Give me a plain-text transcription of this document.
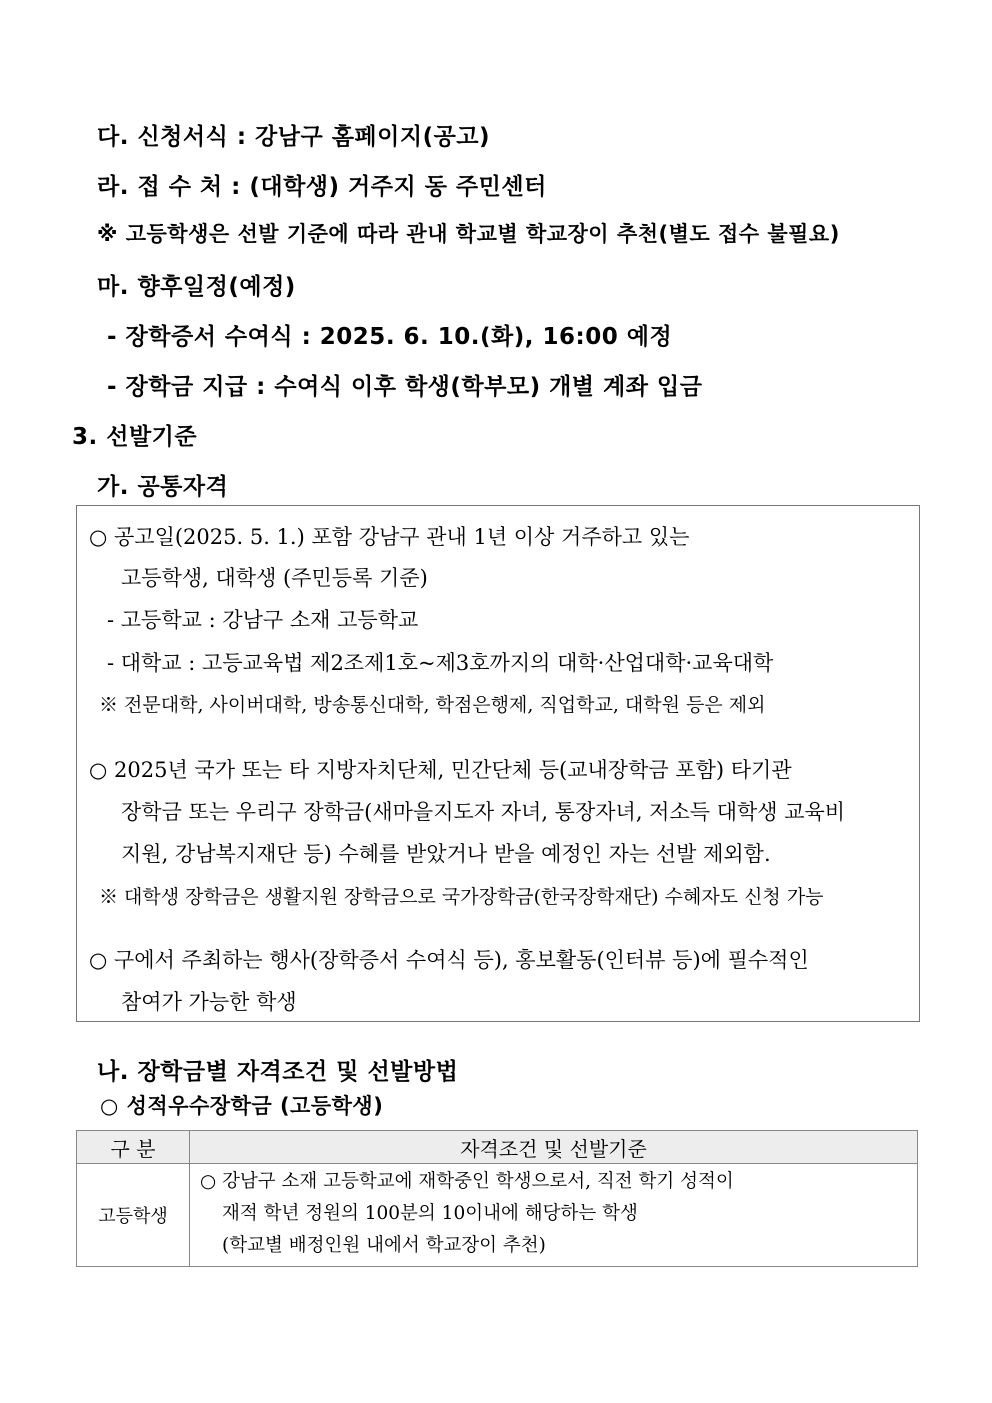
다. 신청서식 : 강남구 홈페이지(공고)
라. 접 수 처 : (대학생) 거주지 동 주민센터
※ 고등학생은 선발 기준에 따라 관내 학교별 학교장이 추천(별도 접수 불필요)
마. 향후일정(예정)
- 장학증서 수여식 : 2025. 6. 10.(화), 16:00 예정
- 장학금 지급 : 수여식 이후 학생(학부모) 개별 계좌 입금
3. 선발기준
가. 공통자격
○ 공고일(2025. 5. 1.) 포함 강남구 관내 1년 이상 거주하고 있는
고등학생, 대학생 (주민등록 기준)
- 고등학교 : 강남구 소재 고등학교
- 대학교 : 고등교육법 제2조제1호~제3호까지의 대학·산업대학·교육대학
※ 전문대학, 사이버대학, 방송통신대학, 학점은행제, 직업학교, 대학원 등은 제외
○ 2025년 국가 또는 타 지방자치단체, 민간단체 등(교내장학금 포함) 타기관
장학금 또는 우리구 장학금(새마을지도자 자녀, 통장자녀, 저소득 대학생 교육비
지원, 강남복지재단 등) 수혜를 받았거나 받을 예정인 자는 선발 제외함.
※ 대학생 장학금은 생활지원 장학금으로 국가장학금(한국장학재단) 수혜자도 신청 가능
○ 구에서 주최하는 행사(장학증서 수여식 등), 홍보활동(인터뷰 등)에 필수적인
참여가 가능한 학생
나. 장학금별 자격조건 및 선발방법
○ 성적우수장학금 (고등학생)
구 분	자격조건 및 선발기준
고등학생	○ 강남구 소재 고등학교에 재학중인 학생으로서, 직전 학기 성적이
재적 학년 정원의 100분의 10이내에 해당하는 학생
(학교별 배정인원 내에서 학교장이 추천)
